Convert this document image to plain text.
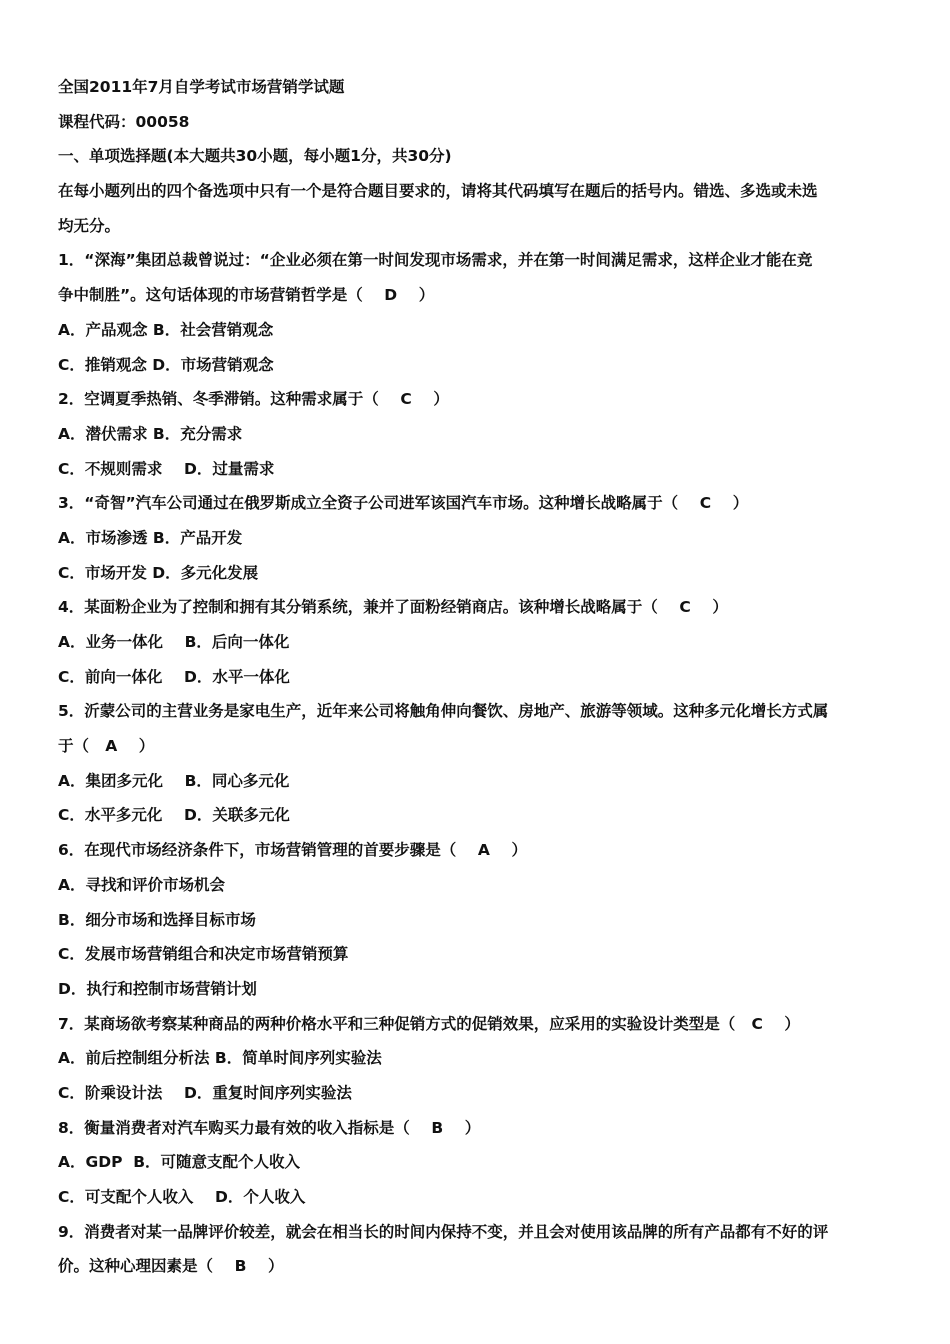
全国2011年7月自学考试市场营销学试题
课程代码：00058
一、单项选择题(本大题共30小题，每小题1分，共30分)
在每小题列出的四个备选项中只有一个是符合题目要求的，请将其代码填写在题后的括号内。错选、多选或未选
均无分。
1．“深海”集团总裁曾说过：“企业必须在第一时间发现市场需求，并在第一时间满足需求，这样企业才能在竞
争中制胜”。这句话体现的市场营销哲学是（    D    ）
A．产品观念 B．社会营销观念
C．推销观念 D．市场营销观念
2．空调夏季热销、冬季滞销。这种需求属于（    C    ）
A．潜伏需求 B．充分需求
C．不规则需求    D．过量需求
3．“奇智”汽车公司通过在俄罗斯成立全资子公司进军该国汽车市场。这种增长战略属于（    C    ）
A．市场渗透 B．产品开发
C．市场开发 D．多元化发展
4．某面粉企业为了控制和拥有其分销系统，兼并了面粉经销商店。该种增长战略属于（    C    ）
A．业务一体化    B．后向一体化
C．前向一体化    D．水平一体化
5．沂蒙公司的主营业务是家电生产，近年来公司将触角伸向餐饮、房地产、旅游等领域。这种多元化增长方式属
于（   A    ）
A．集团多元化    B．同心多元化
C．水平多元化    D．关联多元化
6．在现代市场经济条件下，市场营销管理的首要步骤是（    A    ）
A．寻找和评价市场机会
B．细分市场和选择目标市场
C．发展市场营销组合和决定市场营销预算
D．执行和控制市场营销计划
7．某商场欲考察某种商品的两种价格水平和三种促销方式的促销效果，应采用的实验设计类型是（   C    ）
A．前后控制组分析法 B．简单时间序列实验法
C．阶乘设计法    D．重复时间序列实验法
8．衡量消费者对汽车购买力最有效的收入指标是（    B    ）
A．GDP  B．可随意支配个人收入
C．可支配个人收入    D．个人收入
9．消费者对某一品牌评价较差，就会在相当长的时间内保持不变，并且会对使用该品牌的所有产品都有不好的评
价。这种心理因素是（    B    ）
